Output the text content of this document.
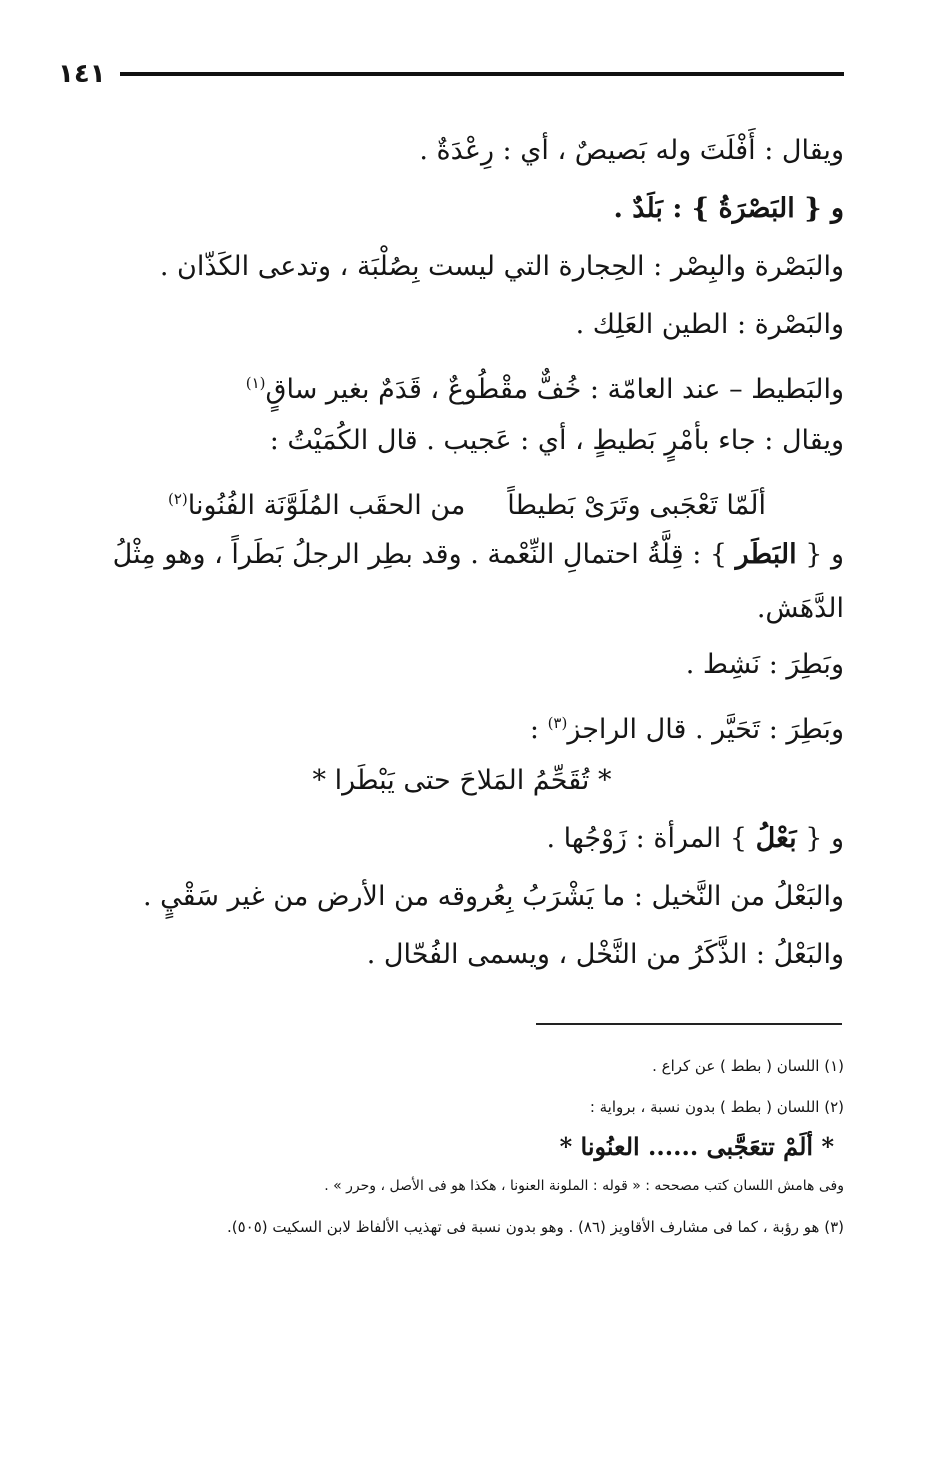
١٤١
ويقال : أَفْلَتَ وله بَصيصٌ ، أي : رِعْدَةٌ .
و { البَصْرَةُ } : بَلَدٌ .
والبَصْرة والبِصْر : الحِجارة التي ليست بِصُلْبَة ، وتدعى الكَذّان .
والبَصْرة : الطين العَلِك .
والبَطيط – عند العامّة : خُفٌّ مقْطُوعٌ ، قَدَمٌ بغير ساقٍ$^{(١)}$
ويقال : جاء بأمْرٍ بَطيطٍ ، أي : عَجيب . قال الكُمَيْتُ :
ألَمّا تَعْجَبى وتَرَىْ بَطيطاًمن الحقَب المُلَوَّنَة الفُنُونا$^{(٢)}$
و { البَطَر } : قِلَّةُ احتمالِ النِّعْمة . وقد بطِر الرجلُ بَطَراً ، وهو مِثْلُ الدَّهَش.
وبَطِرَ : نَشِط .
وبَطِرَ : تَحَيَّر . قال الراجز$^{(٣)}$ :
* تُقَحِّمُ المَلاحَ حتى يَبْطَرا *
و { بَعْلُ } المرأة : زَوْجُها .
والبَعْلُ من النَّخيل : ما يَشْرَبُ بِعُروقه من الأرض من غير سَقْيٍ .
والبَعْلُ : الذَّكَرُ من النَّخْل ، ويسمى الفُحّال .
(١) اللسان ( بطط ) عن كراع .
(٢) اللسان ( بطط ) بدون نسبة ، برواية :
* ألَمْ تتعَجَّبى ...... العنُونا *
وفى هامش اللسان كتب مصححه : « قوله : الملونة العنونا ، هكذا هو فى الأصل ، وحرر » .
(٣) هو رؤبة ، كما فى مشارف الأقاويز (٨٦) . وهو بدون نسبة فى تهذيب الألفاظ لابن السكيت (٥٠٥).
